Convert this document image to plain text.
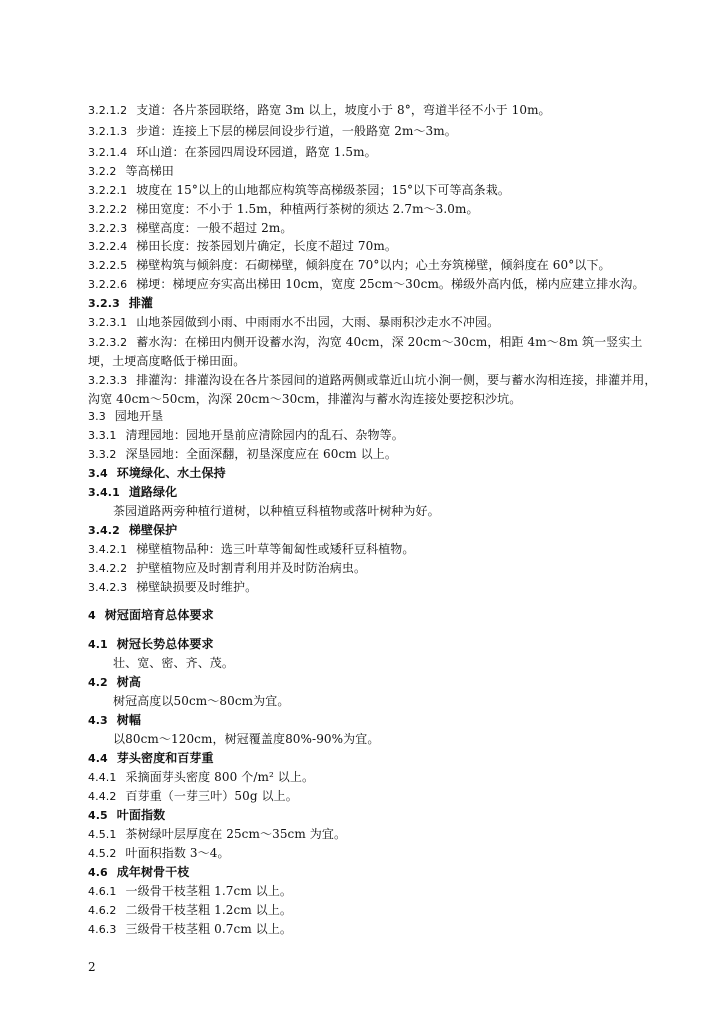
3.2.1.2 支道：各片茶园联络，路宽 3m 以上，坡度小于 8°，弯道半径不小于 10m。
3.2.1.3 步道：连接上下层的梯层间设步行道，一般路宽 2m～3m。
3.2.1.4 环山道：在茶园四周设环园道，路宽 1.5m。
3.2.2 等高梯田
3.2.2.1 坡度在 15°以上的山地都应构筑等高梯级茶园；15°以下可等高条栽。
3.2.2.2 梯田宽度：不小于 1.5m，种植两行茶树的须达 2.7m～3.0m。
3.2.2.3 梯壁高度：一般不超过 2m。
3.2.2.4 梯田长度：按茶园划片确定，长度不超过 70m。
3.2.2.5 梯壁构筑与倾斜度：石砌梯壁，倾斜度在 70°以内；心土夯筑梯壁，倾斜度在 60°以下。
3.2.2.6 梯埂：梯埂应夯实高出梯田 10cm，宽度 25cm～30cm。梯级外高内低，梯内应建立排水沟。
3.2.3 排灌
3.2.3.1 山地茶园做到小雨、中雨雨水不出园，大雨、暴雨积沙走水不冲园。
3.2.3.2 蓄水沟：在梯田内侧开设蓄水沟，沟宽 40cm，深 20cm～30cm，相距 4m～8m 筑一竖实土埂，土埂高度略低于梯田面。
3.2.3.3 排灌沟：排灌沟设在各片茶园间的道路两侧或靠近山坑小涧一侧，要与蓄水沟相连接，排灌并用，沟宽 40cm～50cm，沟深 20cm～30cm，排灌沟与蓄水沟连接处要挖积沙坑。
3.3 园地开垦
3.3.1 清理园地：园地开垦前应清除园内的乱石、杂物等。
3.3.2 深垦园地：全面深翻，初垦深度应在 60cm 以上。
3.4 环境绿化、水土保持
3.4.1 道路绿化
茶园道路两旁种植行道树，以种植豆科植物或落叶树种为好。
3.4.2 梯壁保护
3.4.2.1 梯壁植物品种：选三叶草等匍匐性或矮秆豆科植物。
3.4.2.2 护壁植物应及时割青利用并及时防治病虫。
3.4.2.3 梯壁缺损要及时维护。
4 树冠面培育总体要求
4.1 树冠长势总体要求
壮、宽、密、齐、茂。
4.2 树高
树冠高度以50cm～80cm为宜。
4.3 树幅
以80cm～120cm，树冠覆盖度80%-90%为宜。
4.4 芽头密度和百芽重
4.4.1 采摘面芽头密度 800 个/m² 以上。
4.4.2 百芽重（一芽三叶）50g 以上。
4.5 叶面指数
4.5.1 茶树绿叶层厚度在 25cm～35cm 为宜。
4.5.2 叶面积指数 3～4。
4.6 成年树骨干枝
4.6.1 一级骨干枝茎粗 1.7cm 以上。
4.6.2 二级骨干枝茎粗 1.2cm 以上。
4.6.3 三级骨干枝茎粗 0.7cm 以上。
2
